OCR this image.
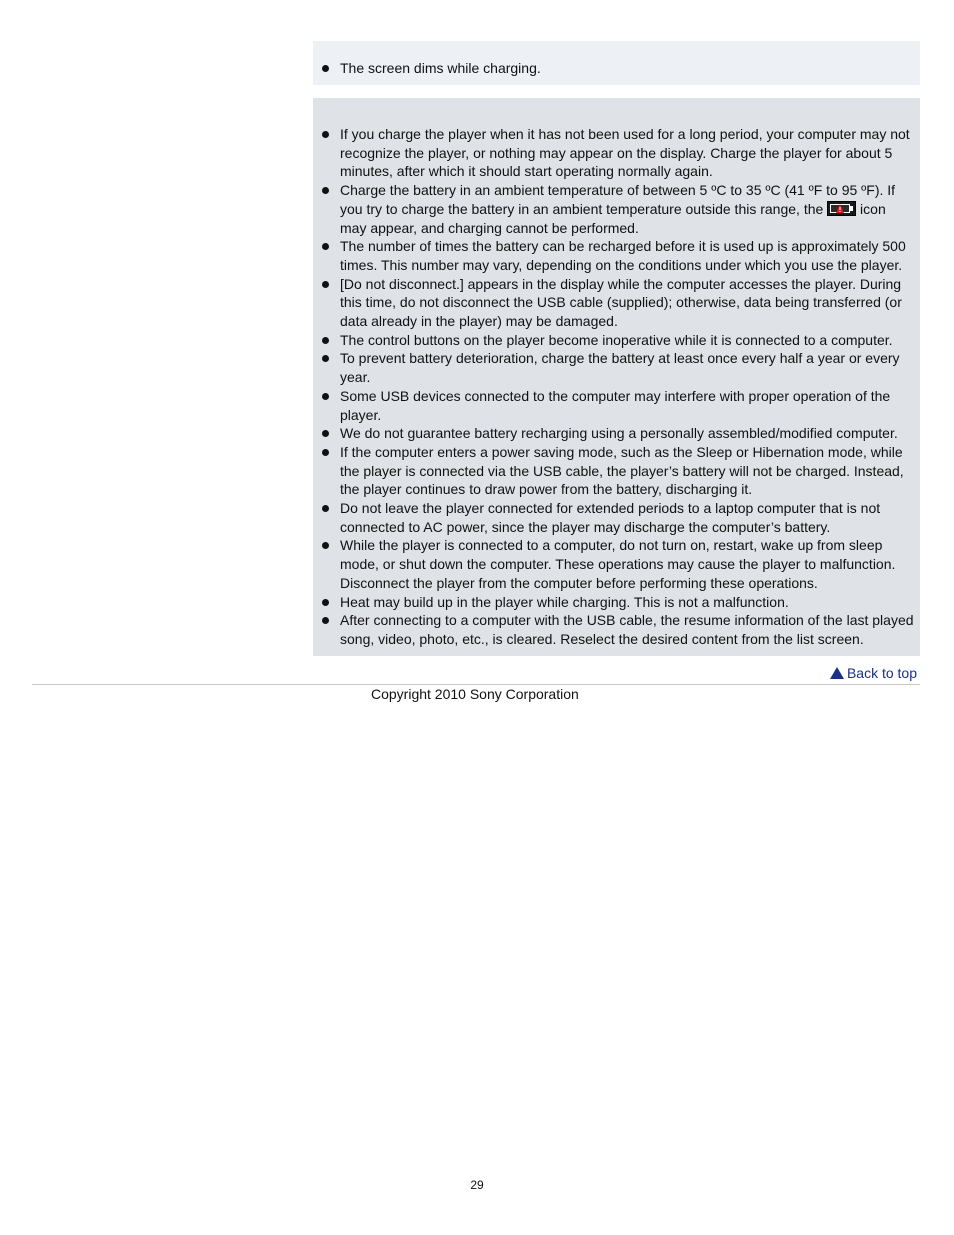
The screen dims while charging.
If you charge the player when it has not been used for a long period, your computer may not recognize the player, or nothing may appear on the display. Charge the player for about 5 minutes, after which it should start operating normally again.
Charge the battery in an ambient temperature of between 5 ºC to 35 ºC (41 ºF to 95 ºF). If you try to charge the battery in an ambient temperature outside this range, the  icon may appear, and charging cannot be performed.
The number of times the battery can be recharged before it is used up is approximately 500 times. This number may vary, depending on the conditions under which you use the player.
[Do not disconnect.] appears in the display while the computer accesses the player. During this time, do not disconnect the USB cable (supplied); otherwise, data being transferred (or data already in the player) may be damaged.
The control buttons on the player become inoperative while it is connected to a computer.
To prevent battery deterioration, charge the battery at least once every half a year or every year.
Some USB devices connected to the computer may interfere with proper operation of the player.
We do not guarantee battery recharging using a personally assembled/modified computer.
If the computer enters a power saving mode, such as the Sleep or Hibernation mode, while the player is connected via the USB cable, the player’s battery will not be charged. Instead, the player continues to draw power from the battery, discharging it.
Do not leave the player connected for extended periods to a laptop computer that is not connected to AC power, since the player may discharge the computer’s battery.
While the player is connected to a computer, do not turn on, restart, wake up from sleep mode, or shut down the computer. These operations may cause the player to malfunction. Disconnect the player from the computer before performing these operations.
Heat may build up in the player while charging. This is not a malfunction.
After connecting to a computer with the USB cable, the resume information of the last played song, video, photo, etc., is cleared. Reselect the desired content from the list screen.
Back to top
Copyright 2010 Sony Corporation
29
